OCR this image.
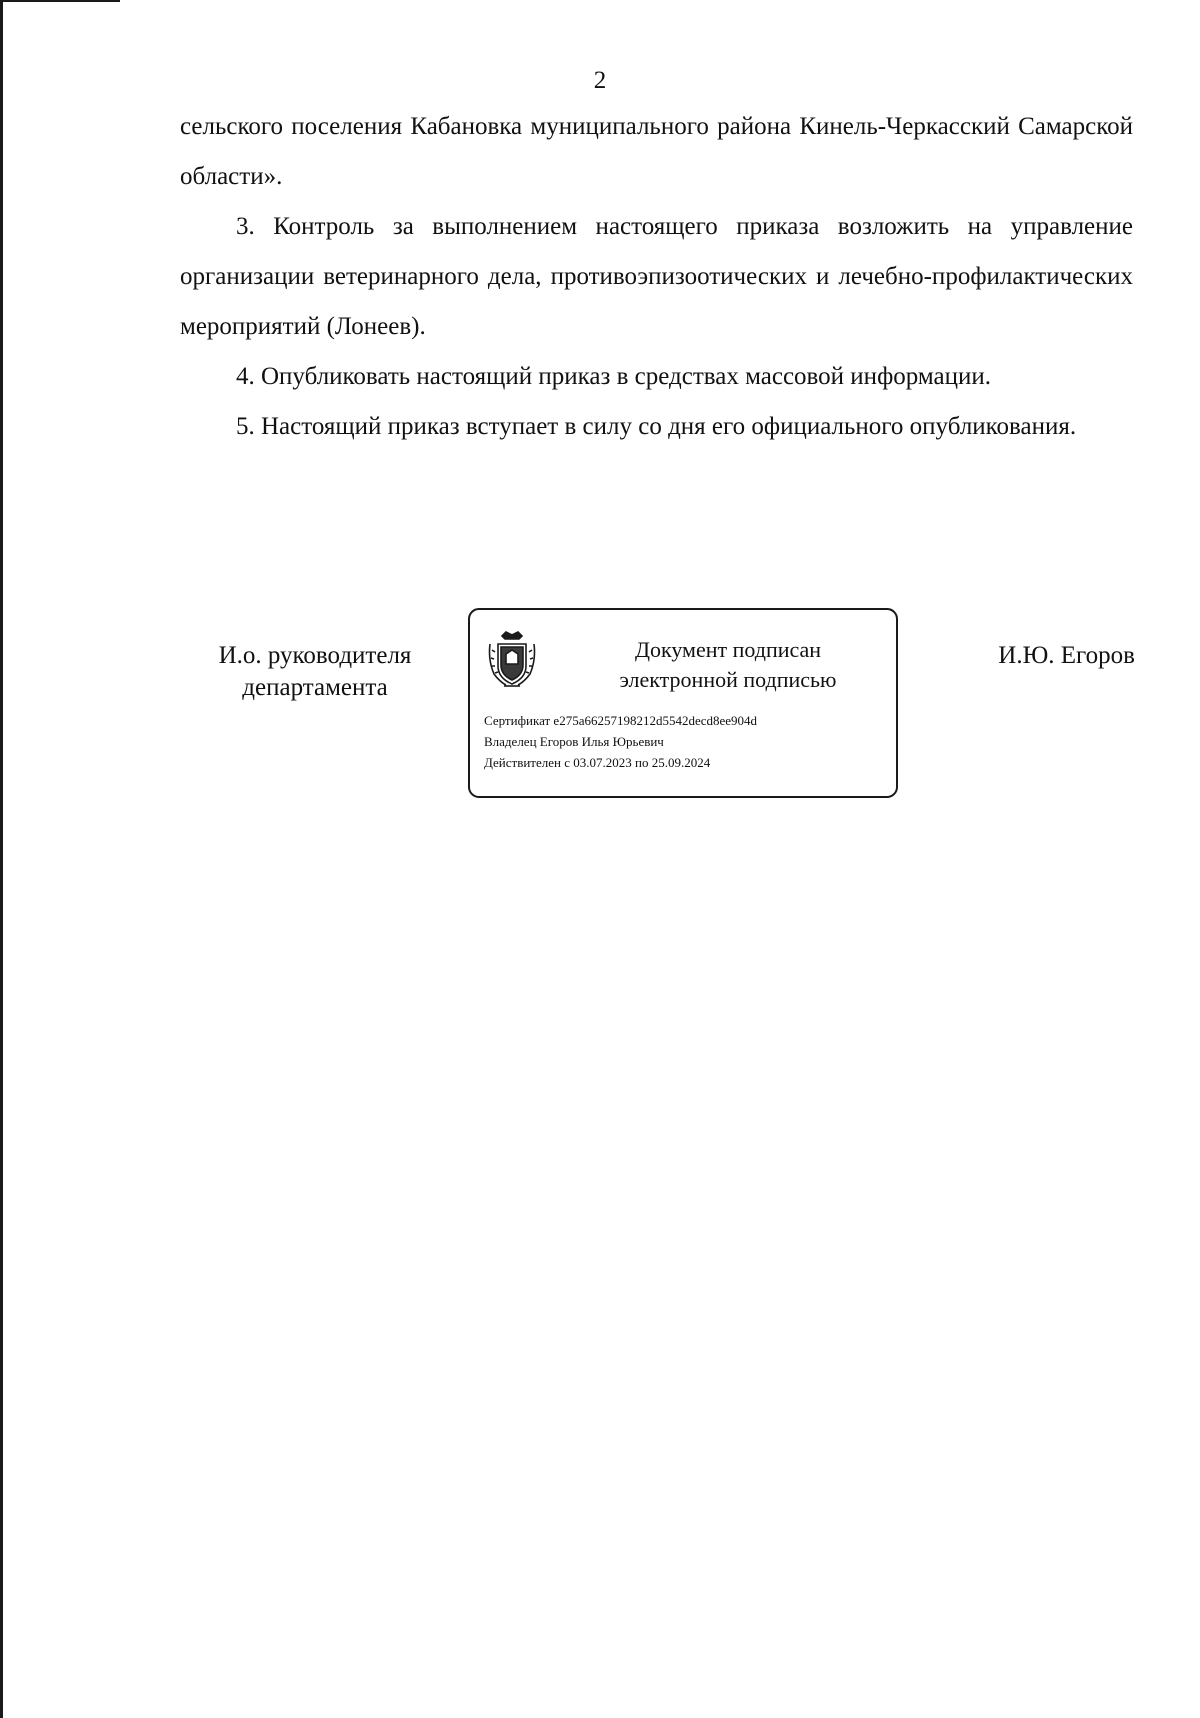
2

сельского поселения Кабановка муниципального района Кинель-Черкасский Самарской области».

3. Контроль за выполнением настоящего приказа возложить на управление организации ветеринарного дела, противоэпизоотических и лечебно-профилактических мероприятий (Лонеев).

4. Опубликовать настоящий приказ в средствах массовой информации.

5. Настоящий приказ вступает в силу со дня его официального опубликования.

И.о. руководителя
департамента
Документ подписан
электронной подписью
Сертификат e275a66257198212d5542decd8ee904d
Владелец Егоров Илья Юрьевич
Действителен с 03.07.2023 по 25.09.2024
И.Ю. Егоров
